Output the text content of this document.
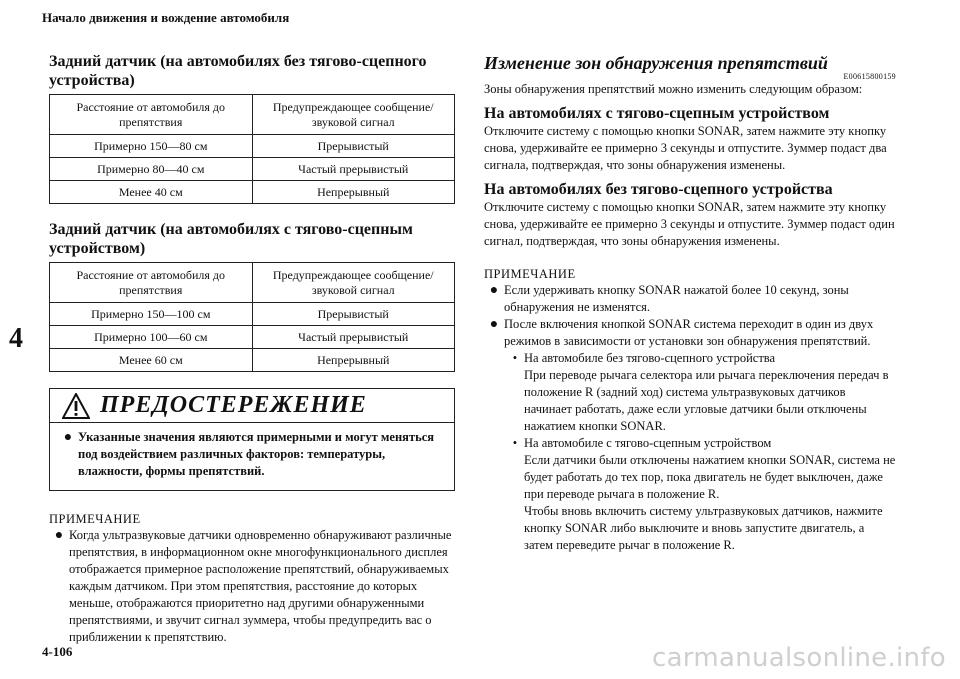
Начало движения и вождение автомобиля
4
Задний датчик (на автомобилях без тягово-сцепного устройства)
Расстояние от автомобиля до препятствия	Предупреждающее сообщение/звуковой сигнал
Примерно 150—80 см	Прерывистый
Примерно 80—40 см	Частый прерывистый
Менее 40 см	Непрерывный
Задний датчик (на автомобилях с тягово-сцепным устройством)
Расстояние от автомобиля до препятствия	Предупреждающее сообщение/звуковой сигнал
Примерно 150—100 см	Прерывистый
Примерно 100—60 см	Частый прерывистый
Менее 60 см	Непрерывный
ПРЕДОСТЕРЕЖЕНИЕ
● Указанные значения являются примерными и могут меняться под воздействием различных факторов: температуры, влажности, формы препятствий.
ПРИМЕЧАНИЕ
● Когда ультразвуковые датчики одновременно обнаруживают различные препятствия, в информационном окне многофункционального дисплея отображается примерное расположение препятствий, обнаруживаемых каждым датчиком. При этом препятствия, расстояние до которых меньше, отображаются приоритетно над другими обнаруженными препятствиями, и звучит сигнал зуммера, чтобы предупредить вас о приближении к препятствию.
Изменение зон обнаружения препятствий
E00615800159

Зоны обнаружения препятствий можно изменить следующим образом:

На автомобилях с тягово-сцепным устройством

Отключите систему с помощью кнопки SONAR, затем нажмите эту кнопку снова, удерживайте ее примерно 3 секунды и отпустите. Зуммер подаст два сигнала, подтверждая, что зоны обнаружения изменены.

На автомобилях без тягово-сцепного устройства

Отключите систему с помощью кнопки SONAR, затем нажмите эту кнопку снова, удерживайте ее примерно 3 секунды и отпустите. Зуммер подаст один сигнал, подтверждая, что зоны обнаружения изменены.

ПРИМЕЧАНИЕ
● Если удерживать кнопку SONAR нажатой более 10 секунд, зоны обнаружения не изменятся.
● После включения кнопкой SONAR система переходит в один из двух режимов в зависимости от установки зон обнаружения препятствий.
• На автомобиле без тягово-сцепного устройства
При переводе рычага селектора или рычага переключения передач в положение R (задний ход) система ультразвуковых датчиков начинает работать, даже если угловые датчики были отключены нажатием кнопки SONAR.
• На автомобиле с тягово-сцепным устройством
Если датчики были отключены нажатием кнопки SONAR, система не будет работать до тех пор, пока двигатель не будет выключен, даже при переводе рычага в положение R.
Чтобы вновь включить систему ультразвуковых датчиков, нажмите кнопку SONAR либо выключите и вновь запустите двигатель, а затем переведите рычаг в положение R.
4-106	carmanualsonline.info
